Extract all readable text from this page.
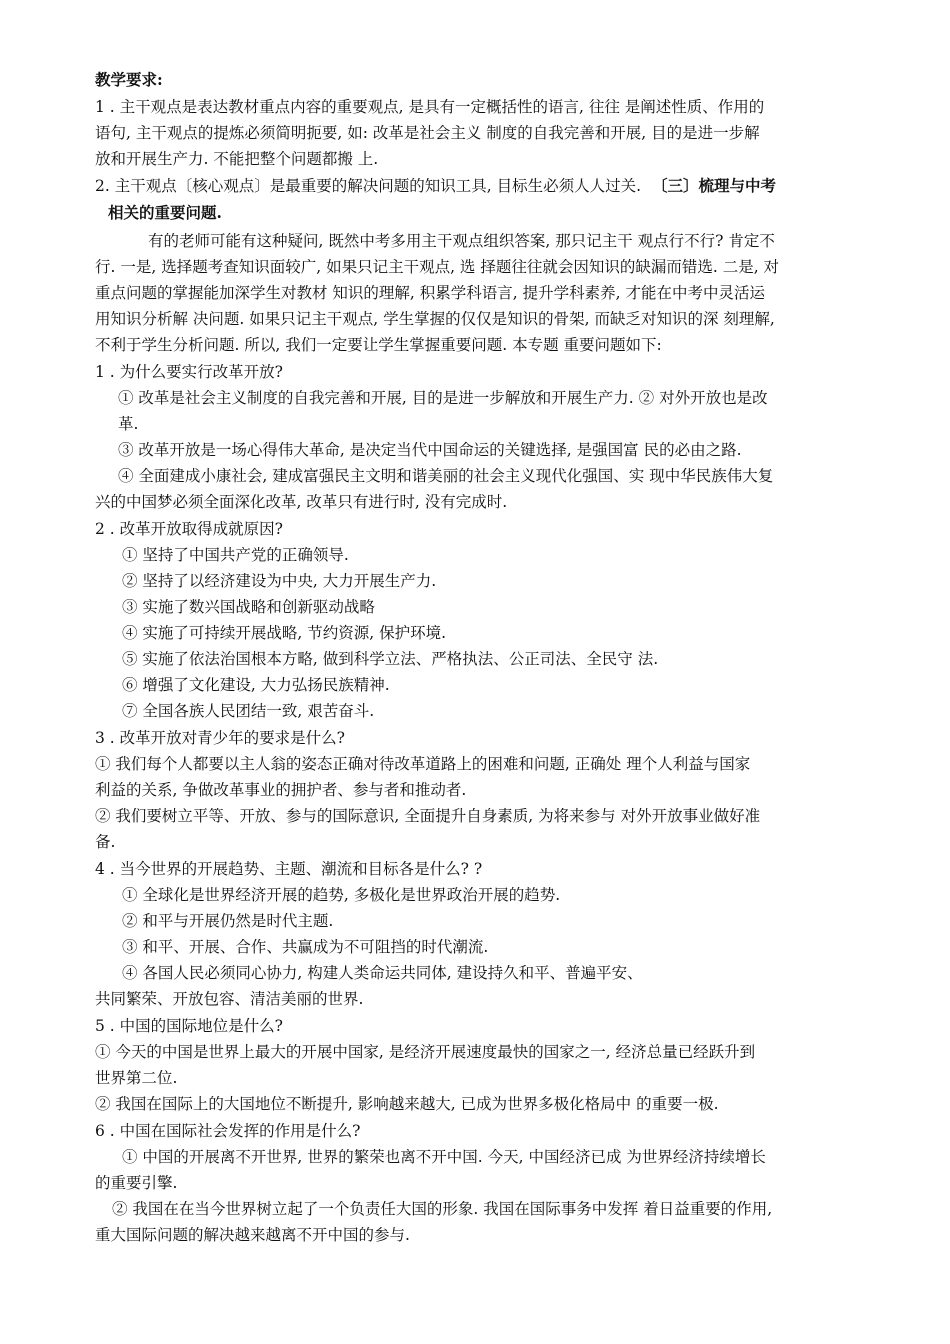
教学要求:
1 . 主干观点是表达教材重点内容的重要观点, 是具有一定概括性的语言, 往往 是阐述性质、作用的
语句, 主干观点的提炼必须简明扼要, 如: 改革是社会主义 制度的自我完善和开展, 目的是进一步解
放和开展生产力. 不能把整个问题都搬 上.
2. 主干观点〔核心观点〕是最重要的解决问题的知识工具, 目标生必须人人过关. 〔三〕梳理与中考
相关的重要问题.
有的老师可能有这种疑问, 既然中考多用主干观点组织答案, 那只记主干 观点行不行? 肯定不
行. 一是, 选择题考查知识面较广, 如果只记主干观点, 选 择题往往就会因知识的缺漏而错选. 二是, 对
重点问题的掌握能加深学生对教材 知识的理解, 积累学科语言, 提升学科素养, 才能在中考中灵活运
用知识分析解 决问题. 如果只记主干观点, 学生掌握的仅仅是知识的骨架, 而缺乏对知识的深 刻理解,
不利于学生分析问题. 所以, 我们一定要让学生掌握重要问题. 本专题 重要问题如下:
1 . 为什么要实行改革开放?
① 改革是社会主义制度的自我完善和开展, 目的是进一步解放和开展生产力. ② 对外开放也是改
革.
③ 改革开放是一场心得伟大革命, 是决定当代中国命运的关键选择, 是强国富 民的必由之路.
④ 全面建成小康社会, 建成富强民主文明和谐美丽的社会主义现代化强国、实 现中华民族伟大复
兴的中国梦必须全面深化改革, 改革只有进行时, 没有完成时.
2 . 改革开放取得成就原因?
① 坚持了中国共产党的正确领导.
② 坚持了以经济建设为中央, 大力开展生产力.
③ 实施了数兴国战略和创新驱动战略
④ 实施了可持续开展战略, 节约资源, 保护环境.
⑤ 实施了依法治国根本方略, 做到科学立法、严格执法、公正司法、全民守 法.
⑥ 增强了文化建设, 大力弘扬民族精神.
⑦ 全国各族人民团结一致, 艰苦奋斗.
3 . 改革开放对青少年的要求是什么?
① 我们每个人都要以主人翁的姿态正确对待改革道路上的困难和问题, 正确处 理个人利益与国家
利益的关系, 争做改革事业的拥护者、参与者和推动者.
② 我们要树立平等、开放、参与的国际意识, 全面提升自身素质, 为将来参与 对外开放事业做好准
备.
4 . 当今世界的开展趋势、主题、潮流和目标各是什么? ?
① 全球化是世界经济开展的趋势, 多极化是世界政治开展的趋势.
② 和平与开展仍然是时代主题.
③ 和平、开展、合作、共赢成为不可阻挡的时代潮流.
④ 各国人民必须同心协力, 构建人类命运共同体, 建设持久和平、普遍平安、
共同繁荣、开放包容、清洁美丽的世界.
5 . 中国的国际地位是什么?
① 今天的中国是世界上最大的开展中国家, 是经济开展速度最快的国家之一, 经济总量已经跃升到
世界第二位.
② 我国在国际上的大国地位不断提升, 影响越来越大, 已成为世界多极化格局中 的重要一极.
6 . 中国在国际社会发挥的作用是什么?
① 中国的开展离不开世界, 世界的繁荣也离不开中国. 今天, 中国经济已成 为世界经济持续增长
的重要引擎.
② 我国在在当今世界树立起了一个负责任大国的形象. 我国在国际事务中发挥 着日益重要的作用,
重大国际问题的解决越来越离不开中国的参与.
